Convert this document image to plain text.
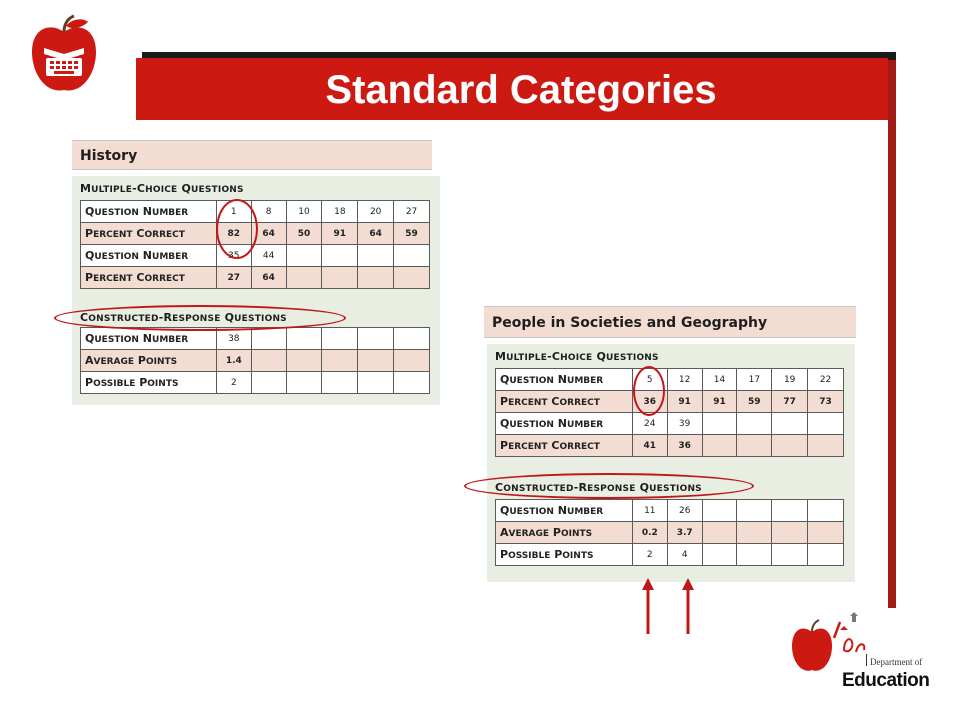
Standard Categories
History
MULTIPLE-CHOICE QUESTIONS
QUESTION NUMBER	1	8	10	18	20	27
PERCENT CORRECT	82	64	50	91	64	59
QUESTION NUMBER	35	44				
PERCENT CORRECT	27	64				
CONSTRUCTED-RESPONSE QUESTIONS
QUESTION NUMBER	38					
AVERAGE POINTS	1.4					
POSSIBLE POINTS	2					
People in Societies and Geography
MULTIPLE-CHOICE QUESTIONS
QUESTION NUMBER	5	12	14	17	19	22
PERCENT CORRECT	36	91	91	59	77	73
QUESTION NUMBER	24	39				
PERCENT CORRECT	41	36				
CONSTRUCTED-RESPONSE QUESTIONS
QUESTION NUMBER	11	26				
AVERAGE POINTS	0.2	3.7				
POSSIBLE POINTS	2	4				
Department of
Education
